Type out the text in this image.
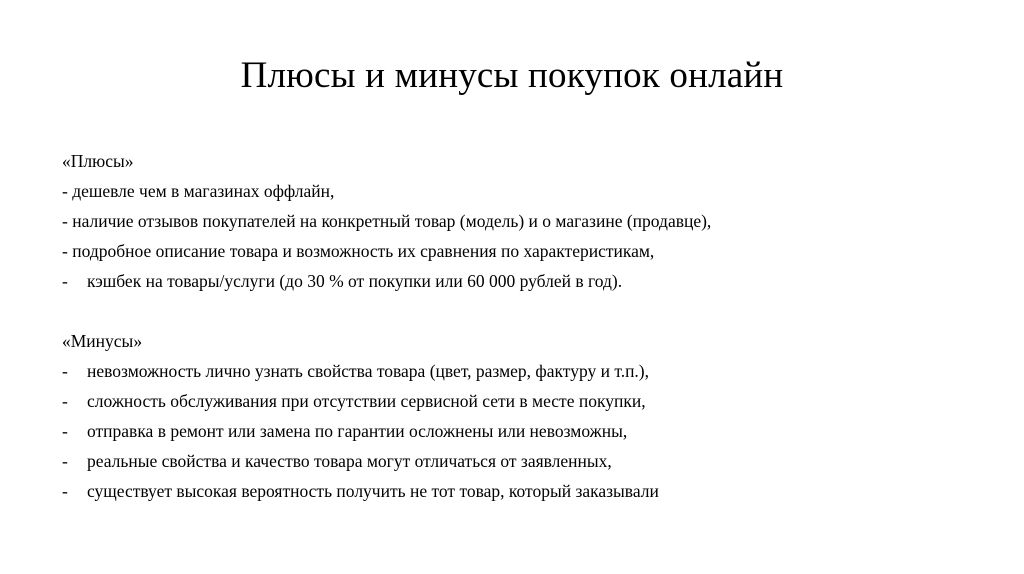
Плюсы и минусы покупок онлайн
«Плюсы»
- дешевле чем в магазинах оффлайн,
- наличие отзывов покупателей на конкретный товар (модель) и о магазине (продавце),
- подробное описание товара и возможность их сравнения по характеристикам,
- кэшбек на товары/услуги (до 30 % от покупки или 60 000 рублей в год).
«Минусы»
- невозможность лично узнать свойства товара (цвет, размер, фактуру и т.п.),
- сложность обслуживания при отсутствии сервисной сети в месте покупки,
- отправка в ремонт или замена по гарантии осложнены или невозможны,
- реальные свойства и качество товара могут отличаться от заявленных,
- существует высокая вероятность получить не тот товар, который заказывали
